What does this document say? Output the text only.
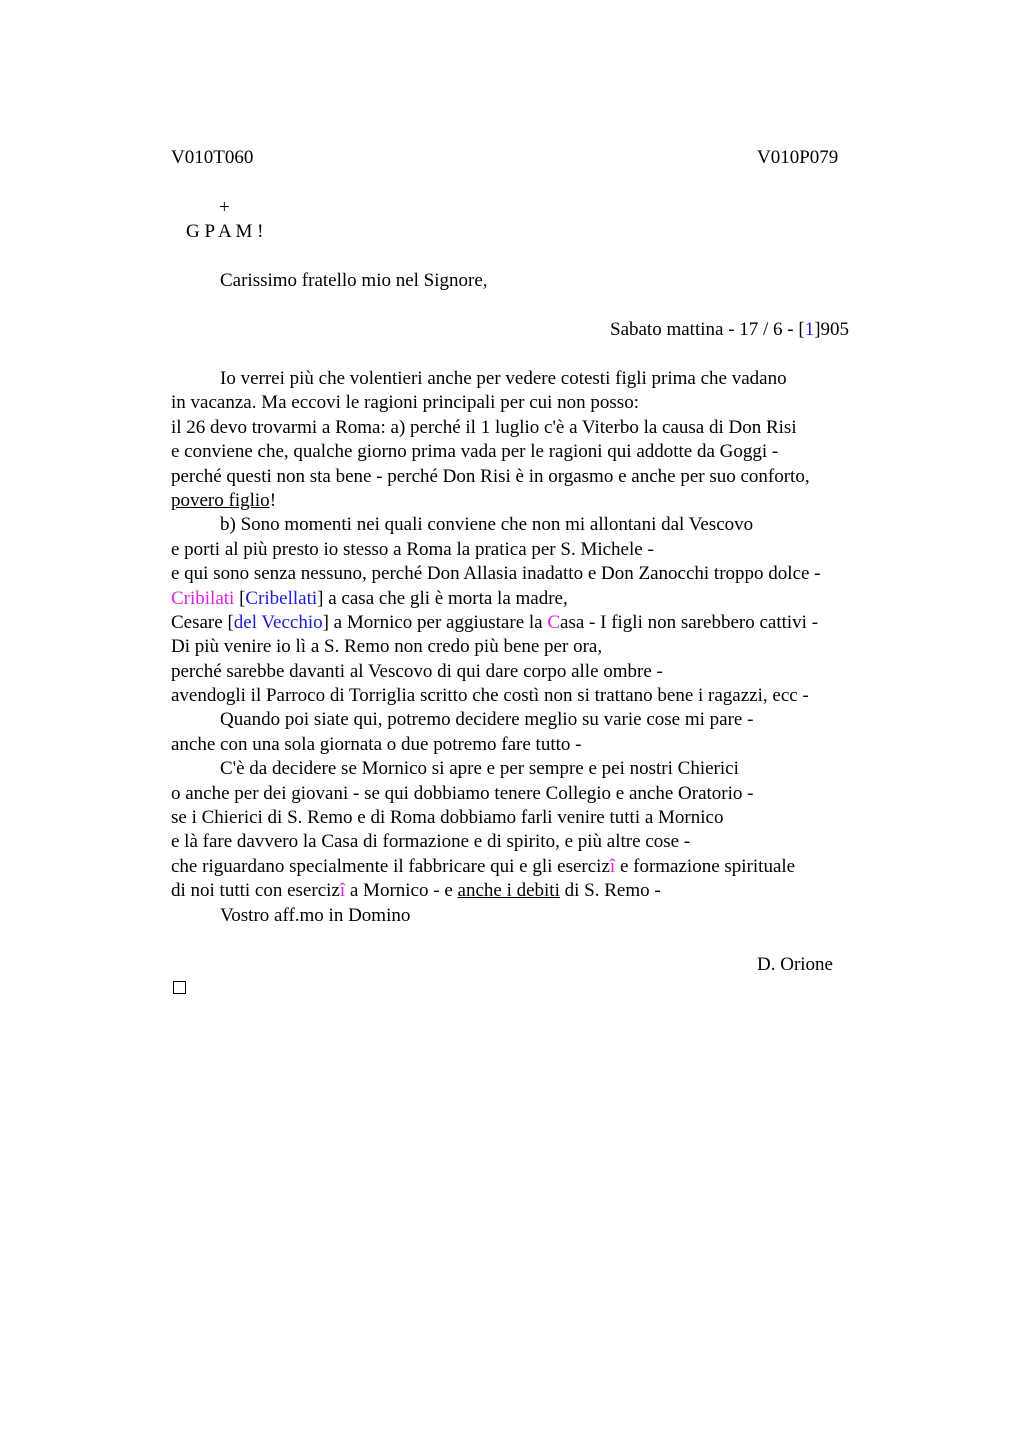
V010T060	V010P079
+
G P A M !
Carissimo fratello mio nel Signore,
Sabato mattina - 17 / 6 - [1]905
Io verrei più che volentieri anche per vedere cotesti figli prima che vadano
in vacanza. Ma eccovi le ragioni principali per cui non posso:
il 26 devo trovarmi a Roma: a) perché il 1 luglio c'è a Viterbo la causa di Don Risi
e conviene che, qualche giorno prima vada per le ragioni qui addotte da Goggi -
perché questi non sta bene - perché Don Risi è in orgasmo e anche per suo conforto,
povero figlio!
b) Sono momenti nei quali conviene che non mi allontani dal Vescovo
e porti al più presto io stesso a Roma la pratica per S. Michele -
e qui sono senza nessuno, perché Don Allasia inadatto e Don Zanocchi troppo dolce -
Cribilati [Cribellati] a casa che gli è morta la madre,
Cesare [del Vecchio] a Mornico per aggiustare la Casa - I figli non sarebbero cattivi -
Di più venire io lì a S. Remo non credo più bene per ora,
perché sarebbe davanti al Vescovo di qui dare corpo alle ombre -
avendogli il Parroco di Torriglia scritto che costì non si trattano bene i ragazzi, ecc -
Quando poi siate qui, potremo decidere meglio su varie cose mi pare -
anche con una sola giornata o due potremo fare tutto -
C'è da decidere se Mornico si apre e per sempre e pei nostri Chierici
o anche per dei giovani - se qui dobbiamo tenere Collegio e anche Oratorio -
se i Chierici di S. Remo e di Roma dobbiamo farli venire tutti a Mornico
e là fare davvero la Casa di formazione e di spirito, e più altre cose -
che riguardano specialmente il fabbricare qui e gli esercizî e formazione spirituale
di noi tutti con esercizî a Mornico - e anche i debiti di S. Remo -
Vostro aff.mo in Domino
D. Orione
